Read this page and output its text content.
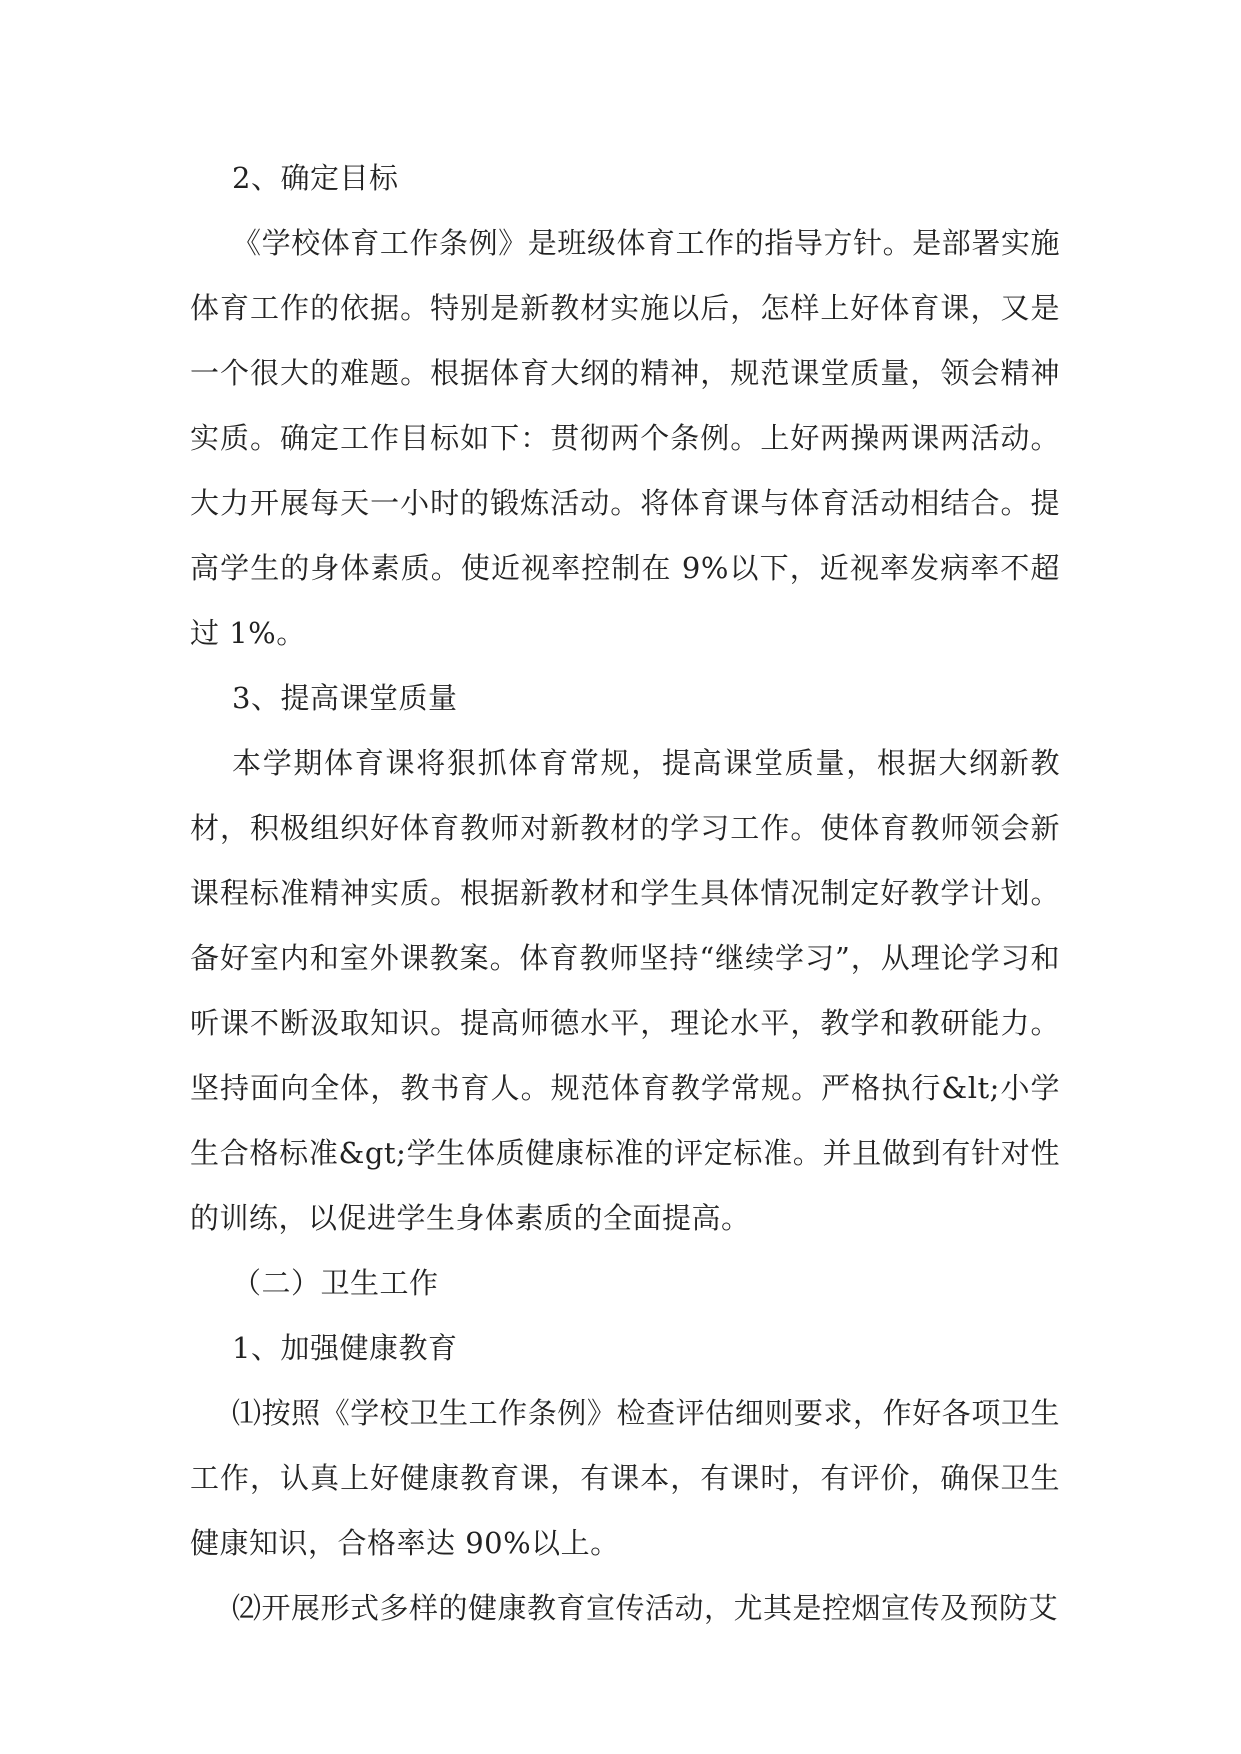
2、确定目标

《学校体育工作条例》是班级体育工作的指导方针。是部署实施体育工作的依据。特别是新教材实施以后，怎样上好体育课，又是一个很大的难题。根据体育大纲的精神，规范课堂质量，领会精神实质。确定工作目标如下：贯彻两个条例。上好两操两课两活动。大力开展每天一小时的锻炼活动。将体育课与体育活动相结合。提高学生的身体素质。使近视率控制在 9%以下，近视率发病率不超过 1%。

3、提高课堂质量

本学期体育课将狠抓体育常规，提高课堂质量，根据大纲新教材，积极组织好体育教师对新教材的学习工作。使体育教师领会新课程标准精神实质。根据新教材和学生具体情况制定好教学计划。备好室内和室外课教案。体育教师坚持“继续学习”，从理论学习和听课不断汲取知识。提高师德水平，理论水平，教学和教研能力。坚持面向全体，教书育人。规范体育教学常规。严格执行&lt;小学生合格标准&gt;学生体质健康标准的评定标准。并且做到有针对性的训练，以促进学生身体素质的全面提高。

（二）卫生工作

1、加强健康教育

⑴按照《学校卫生工作条例》检查评估细则要求，作好各项卫生工作，认真上好健康教育课，有课本，有课时，有评价，确保卫生健康知识，合格率达 90%以上。

⑵开展形式多样的健康教育宣传活动，尤其是控烟宣传及预防艾
